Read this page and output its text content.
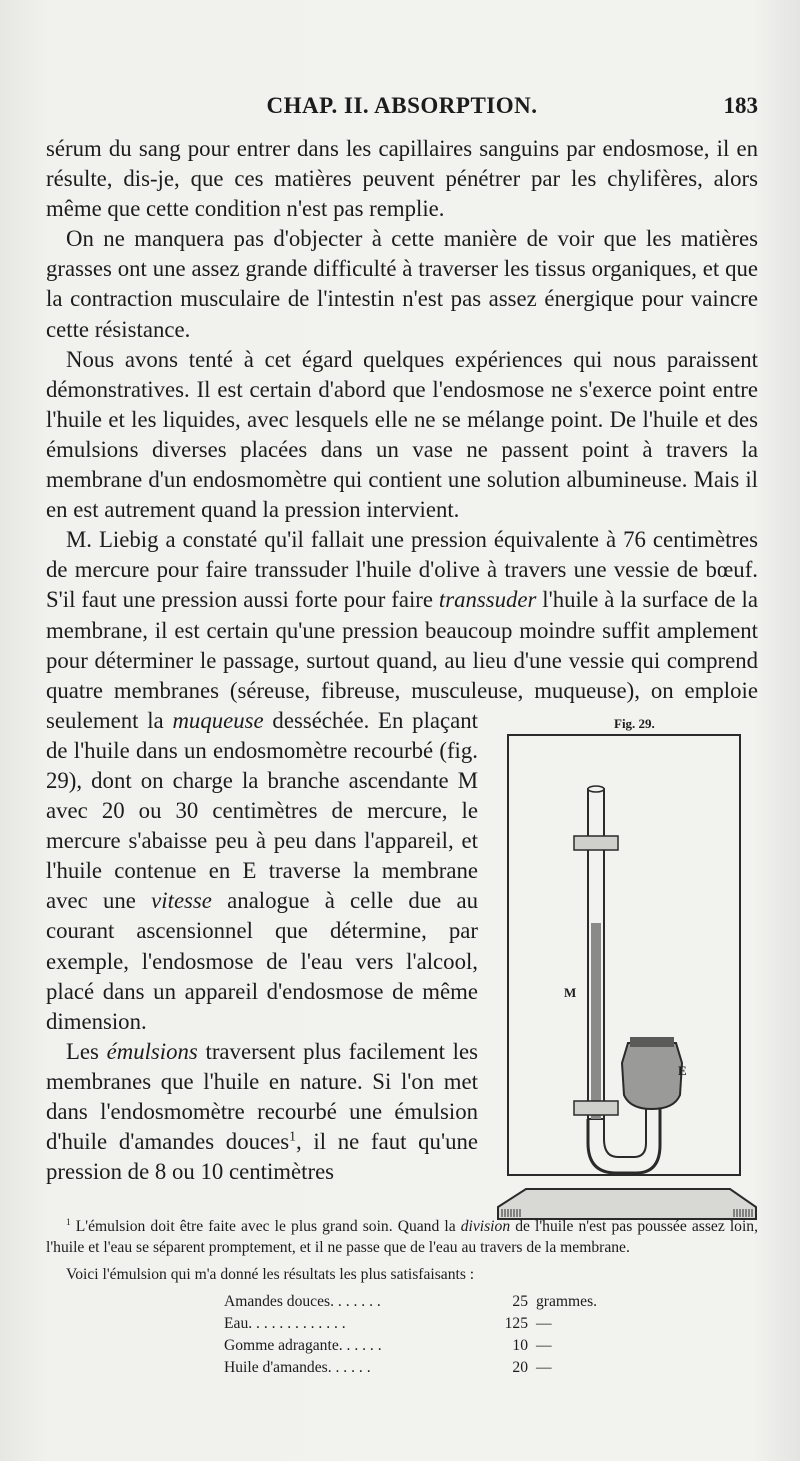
CHAP. II. ABSORPTION.	183

sérum du sang pour entrer dans les capillaires sanguins par endosmose, il en résulte, dis-je, que ces matières peuvent pénétrer par les chylifères, alors même que cette condition n'est pas remplie.

On ne manquera pas d'objecter à cette manière de voir que les matières grasses ont une assez grande difficulté à traverser les tissus organiques, et que la contraction musculaire de l'intestin n'est pas assez énergique pour vaincre cette résistance.

Nous avons tenté à cet égard quelques expériences qui nous paraissent démonstratives. Il est certain d'abord que l'endosmose ne s'exerce point entre l'huile et les liquides, avec lesquels elle ne se mélange point. De l'huile et des émulsions diverses placées dans un vase ne passent point à travers la membrane d'un endosmomètre qui contient une solution albumineuse. Mais il en est autrement quand la pression intervient.

M. Liebig a constaté qu'il fallait une pression équivalente à 76 centimètres de mercure pour faire transsuder l'huile d'olive à travers une vessie de bœuf. S'il faut une pression aussi forte pour faire transsuder l'huile à la surface de la membrane, il est certain qu'une pression beaucoup moindre suffit amplement pour déterminer le passage, surtout quand, au lieu d'une vessie qui comprend quatre membranes (séreuse, fibreuse, musculeuse, muqueuse), on emploie seulement la	Fig. 29.
M
E
muqueuse desséchée. En plaçant de l'huile dans un endosmomètre recourbé (fig. 29), dont on charge la branche ascendante M avec 20 ou 30 centimètres de mercure, le mercure s'abaisse peu à peu dans l'appareil, et l'huile contenue en E traverse la membrane avec une vitesse analogue à celle due au courant ascensionnel que détermine, par exemple, l'endosmose de l'eau vers l'alcool, placé dans un appareil d'endosmose de même dimension.

Les émulsions traversent plus facilement les membranes que l'huile en nature. Si l'on met dans l'endosmomètre recourbé une émulsion d'huile d'amandes douces$^1$, il ne faut qu'une pression de 8 ou 10 centimètres

$^1$ L'émulsion doit être faite avec le plus grand soin. Quand la division de l'huile n'est pas poussée assez loin, l'huile et l'eau se séparent promptement, et il ne passe que de l'eau au travers de la membrane.

Voici l'émulsion qui m'a donné les résultats les plus satisfaisants :

Amandes douces. . . . . . .	25	grammes.
Eau. . . . . . . . . . . . .	125	—
Gomme adragante. . . . . .	10	—
Huile d'amandes. . . . . .	20	—
